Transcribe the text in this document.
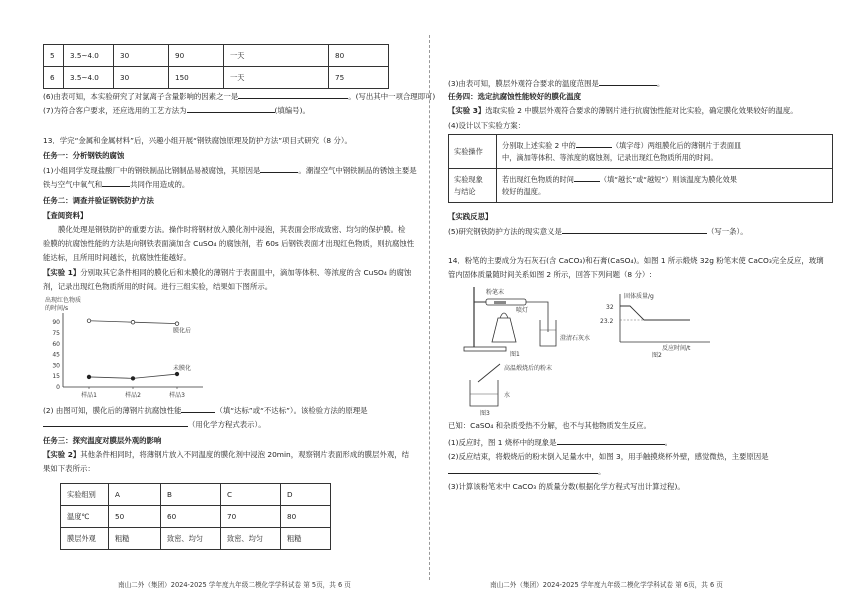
5	3.5~4.0	30	90	一天	80
6	3.5~4.0	30	150	一天	75
(6)由表可知，本实验研究了对氯离子含量影响的因素之一是	。(写出其中一项合理即可)
(7)为符合客户要求，还应选用的工艺方法为	(填编号)。
13．学完“金属和金属材料”后，兴趣小组开展“钢铁腐蚀原理及防护方法”项目式研究（8 分）。
任务一：分析钢铁的腐蚀
(1)小组同学发现盐酸厂中的钢铁制品比钢制品易被腐蚀，其原因是	。潮湿空气中钢铁制品的锈蚀主要是
铁与空气中氧气和	共同作用造成的。
任务二：调查并验证钢铁防护方法
【查阅资料】
膜化处理是钢铁防护的重要方法。操作时将钢材放入膜化剂中浸泡，其表面会形成致密、均匀的保护膜。检
验膜的抗腐蚀性能的方法是向钢铁表面滴加含 CuSO₄ 的腐蚀剂，若 60s 后钢铁表面才出现红色物质，则抗腐蚀性
能达标，且所用时间越长，抗腐蚀性能越好。
【实验 1】分别取其它条件相同的膜化后和未膜化的薄钢片于表面皿中，滴加等体积、等浓度的含 CuSO₄ 的腐蚀
剂，记录出现红色物质所用的时间。进行三组实验，结果如下图所示。
出现红色物质
的时间/s
90
75
60
45
30
15
0
样品1	样品2	样品3
膜化后
未膜化
(2) 由图可知，膜化后的薄钢片抗腐蚀性能	（填“达标”或“不达标”）。该检验方法的原理是
（用化学方程式表示）。
任务三：探究温度对膜层外观的影响
【实验 2】其他条件相同时，将薄钢片放入不同温度的膜化剂中浸泡 20min，观察钢片表面形成的膜层外观，结
果如下表所示：
实验组别	A	B	C	D
温度℃	50	60	70	80
膜层外观	粗糙	致密、均匀	致密、均匀	粗糙
南山二外（集团）2024-2025 学年度九年级二模化学学科试卷 第 5页，共 6 页
(3)由表可知，膜层外观符合要求的温度范围是	。
任务四：选定抗腐蚀性能较好的膜化温度
【实验 3】选取实验 2 中膜层外观符合要求的薄钢片进行抗腐蚀性能对比实验，确定膜化效果较好的温度。
(4)设计以下实验方案：
实验操作	分别取上述实验 2 中的 （填字母）两组膜化后的薄钢片于表面皿
中，滴加等体积、等浓度的腐蚀剂，记录出现红色物质所用的时间。
实验现象
与结论	若出现红色物质的时间 （填“越长”或“越短”）则该温度为膜化效果
较好的温度。
【实践反思】
(5)研究钢铁防护方法的现实意义是	（写一条）。
14．粉笔的主要成分为石灰石(含 CaCO₃)和石膏(CaSO₄)。如图 1 所示煅烧 32g 粉笔末使 CaCO₃完全反应，玻璃
管内固体质量随时间关系如图 2 所示，回答下列问题（8 分）:
粉笔末
喷灯
澄清石灰水
图1
固体质量/g
32
23.2
反应时间/t
图2
高温煅烧后的粉末
水
图3
已知：CaSO₄ 和杂质受热不分解，也不与其他物质发生反应。
(1)反应时，图 1 烧杯中的现象是	。
(2)反应结束，将煅烧后的粉末倒入足量水中，如图 3，用手触摸烧杯外壁，感觉微热，主要原因是
。
(3)计算该粉笔末中 CaCO₃ 的质量分数(根据化学方程式写出计算过程)。
南山二外（集团）2024-2025 学年度九年级二模化学学科试卷 第 6页，共 6 页
